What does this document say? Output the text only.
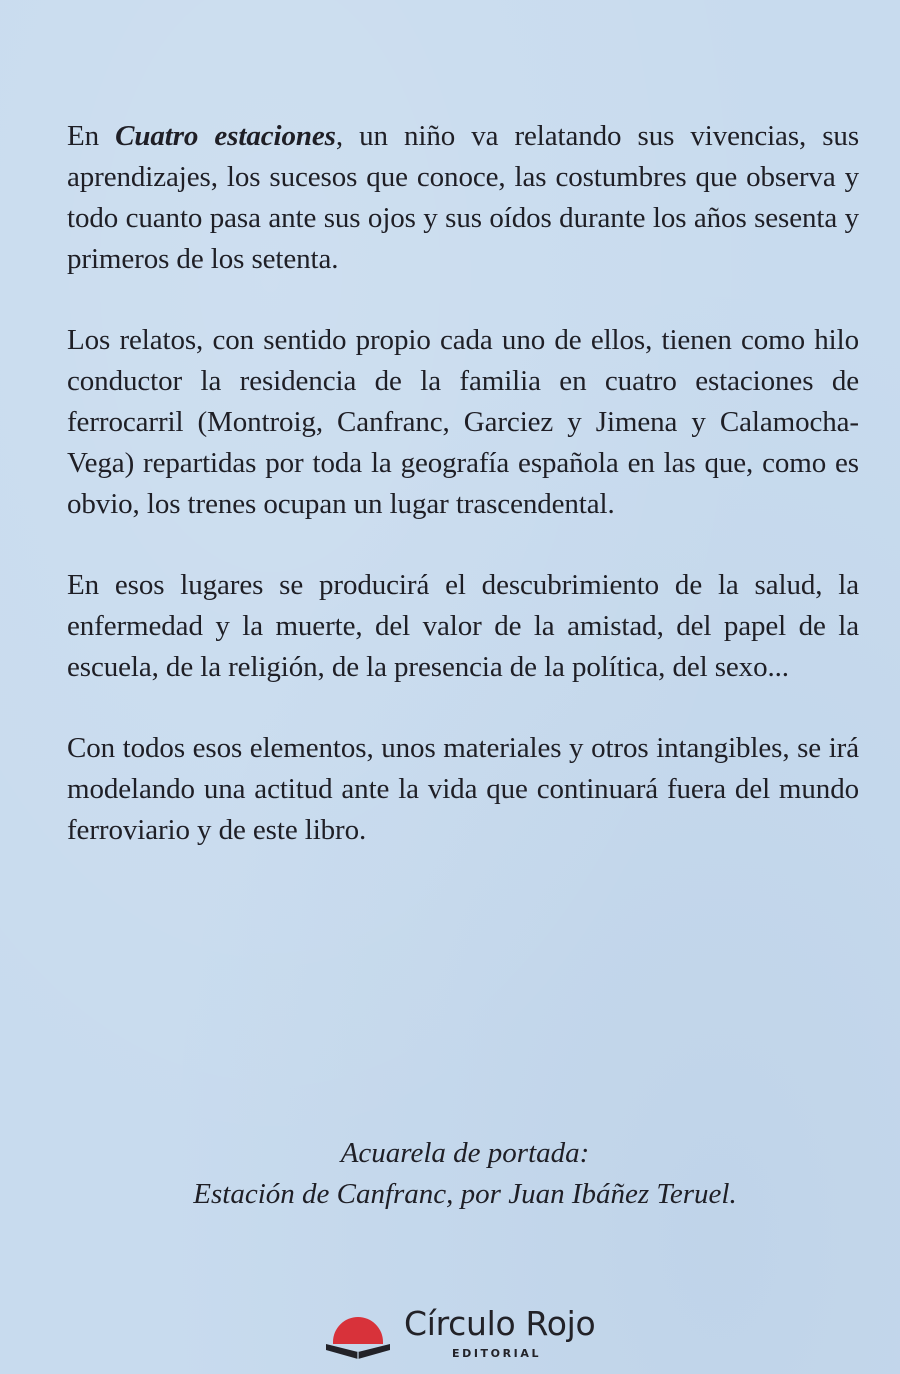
En Cuatro estaciones, un niño va relatando sus vivencias, sus aprendizajes, los sucesos que conoce, las costumbres que observa y todo cuanto pasa ante sus ojos y sus oídos durante los años sesenta y primeros de los setenta.

Los relatos, con sentido propio cada uno de ellos, tienen como hilo conductor la residencia de la familia en cuatro estaciones de ferrocarril (Montroig, Canfranc, Garciez y Jimena y Calamocha-Vega) repartidas por toda la geografía española en las que, como es obvio, los trenes ocupan un lugar trascendental.

En esos lugares se producirá el descubrimiento de la salud, la enfermedad y la muerte, del valor de la amistad, del papel de la escuela, de la religión, de la presencia de la política, del sexo...

Con todos esos elementos, unos materiales y otros intangibles, se irá modelando una actitud ante la vida que continuará fuera del mundo ferroviario y de este libro.

Acuarela de portada:
Estación de Canfranc, por Juan Ibáñez Teruel.
Círculo Rojo
EDITORIAL
